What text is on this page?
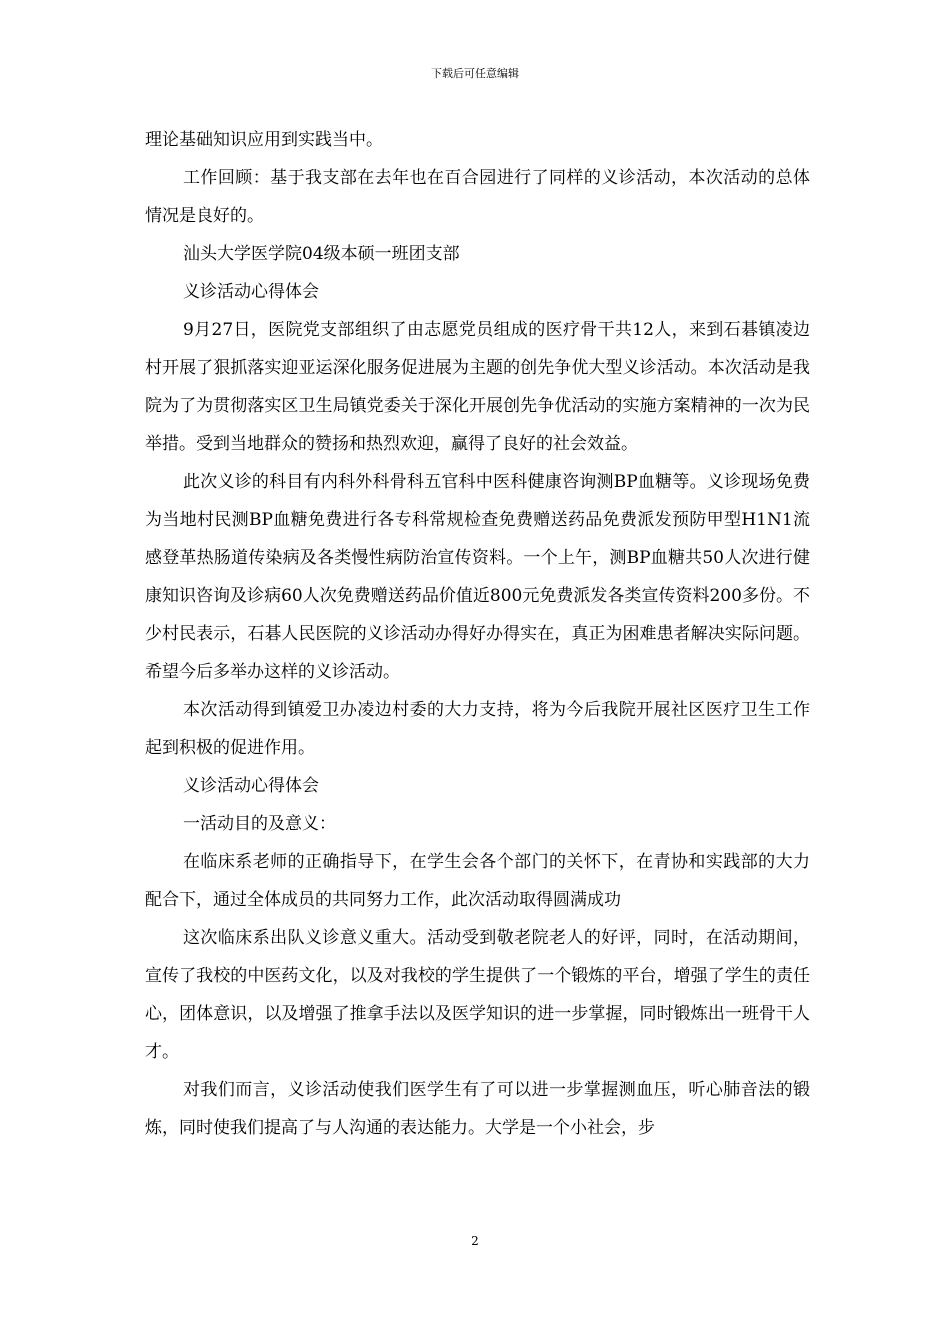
下载后可任意编辑

理论基础知识应用到实践当中。

工作回顾：基于我支部在去年也在百合园进行了同样的义诊活动，本次活动的总体情况是良好的。

汕头大学医学院04级本硕一班团支部

义诊活动心得体会

9月27日，医院党支部组织了由志愿党员组成的医疗骨干共12人，来到石碁镇凌边村开展了狠抓落实迎亚运深化服务促进展为主题的创先争优大型义诊活动。本次活动是我院为了为贯彻落实区卫生局镇党委关于深化开展创先争优活动的实施方案精神的一次为民举措。受到当地群众的赞扬和热烈欢迎，赢得了良好的社会效益。

此次义诊的科目有内科外科骨科五官科中医科健康咨询测BP血糖等。义诊现场免费为当地村民测BP血糖免费进行各专科常规检查免费赠送药品免费派发预防甲型H1N1流感登革热肠道传染病及各类慢性病防治宣传资料。一个上午，测BP血糖共50人次进行健康知识咨询及诊病60人次免费赠送药品价值近800元免费派发各类宣传资料200多份。不少村民表示，石碁人民医院的义诊活动办得好办得实在，真正为困难患者解决实际问题。希望今后多举办这样的义诊活动。

本次活动得到镇爱卫办凌边村委的大力支持，将为今后我院开展社区医疗卫生工作起到积极的促进作用。

义诊活动心得体会

一活动目的及意义：

在临床系老师的正确指导下，在学生会各个部门的关怀下，在青协和实践部的大力配合下，通过全体成员的共同努力工作，此次活动取得圆满成功

这次临床系出队义诊意义重大。活动受到敬老院老人的好评，同时，在活动期间，宣传了我校的中医药文化，以及对我校的学生提供了一个锻炼的平台，增强了学生的责任心，团体意识，以及增强了推拿手法以及医学知识的进一步掌握，同时锻炼出一班骨干人才。

对我们而言，义诊活动使我们医学生有了可以进一步掌握测血压，听心肺音法的锻炼，同时使我们提高了与人沟通的表达能力。大学是一个小社会，步

2
